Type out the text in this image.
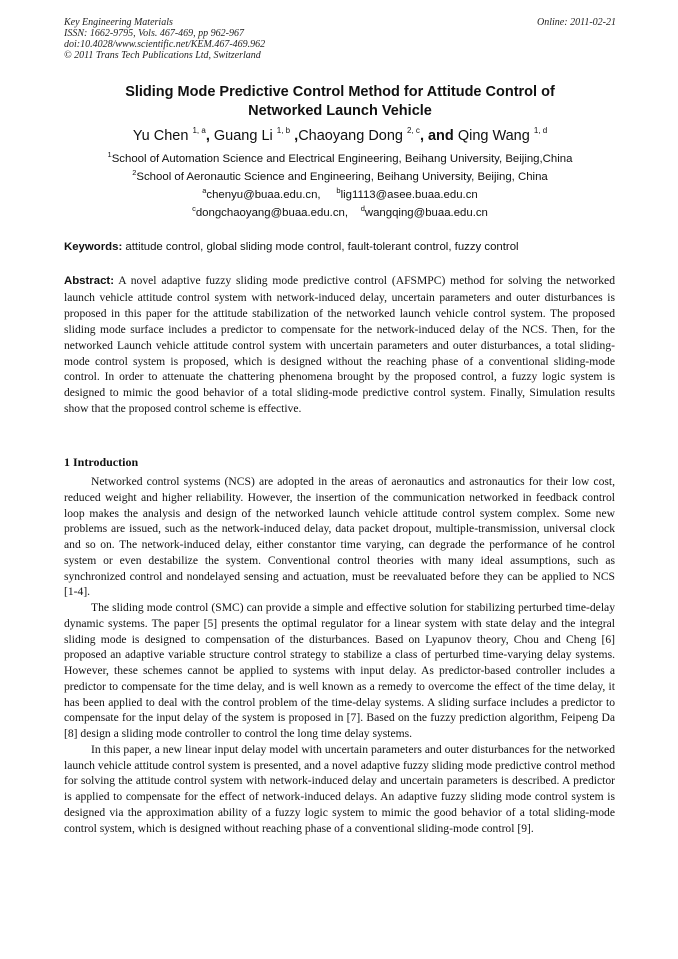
Key Engineering Materials
ISSN: 1662-9795, Vols. 467-469, pp 962-967
doi:10.4028/www.scientific.net/KEM.467-469.962
© 2011 Trans Tech Publications Ltd, Switzerland
Online: 2011-02-21
Sliding Mode Predictive Control Method for Attitude Control of
Networked Launch Vehicle
Yu Chen $^{1, a}$, Guang Li $^{1, b}$ ,Chaoyang Dong $^{2, c}$, and Qing Wang $^{1, d}$
$^1$School of Automation Science and Electrical Engineering, Beihang University, Beijing,China
$^2$School of Aeronautic Science and Engineering, Beihang University, Beijing, China
$^a$chenyu@buaa.edu.cn, $^b$lig1113@asee.buaa.edu.cn
$^c$dongchaoyang@buaa.edu.cn, $^d$wangqing@buaa.edu.cn
Keywords: attitude control, global sliding mode control, fault-tolerant control, fuzzy control
Abstract: A novel adaptive fuzzy sliding mode predictive control (AFSMPC) method for solving the networked launch vehicle attitude control system with network-induced delay, uncertain parameters and outer disturbances is proposed in this paper for the attitude stabilization of the networked launch vehicle control system. The proposed sliding mode surface includes a predictor to compensate for the network-induced delay of the NCS. Then, for the networked Launch vehicle attitude control system with uncertain parameters and outer disturbances, a total sliding-mode control system is proposed, which is designed without the reaching phase of a conventional sliding-mode control. In order to attenuate the chattering phenomena brought by the proposed control, a fuzzy logic system is designed to mimic the good behavior of a total sliding-mode predictive control system. Finally, Simulation results show that the proposed control scheme is effective.
1 Introduction

Networked control systems (NCS) are adopted in the areas of aeronautics and astronautics for their low cost, reduced weight and higher reliability. However, the insertion of the communication networked in feedback control loop makes the analysis and design of the networked launch vehicle attitude control system complex. Some new problems are issued, such as the network-induced delay, data packet dropout, multiple-transmission, universal clock and so on. The network-induced delay, either constantor time varying, can degrade the performance of he control system or even destabilize the system. Conventional control theories with many ideal assumptions, such as synchronized control and nondelayed sensing and actuation, must be reevaluated before they can be applied to NCS [1-4].

The sliding mode control (SMC) can provide a simple and effective solution for stabilizing perturbed time-delay dynamic systems. The paper [5] presents the optimal regulator for a linear system with state delay and the integral sliding mode is designed to compensation of the disturbances. Based on Lyapunov theory, Chou and Cheng [6] proposed an adaptive variable structure control strategy to stabilize a class of perturbed time-varying delay systems. However, these schemes cannot be applied to systems with input delay. As predictor-based controller includes a predictor to compensate for the time delay, and is well known as a remedy to overcome the effect of the time delay, it has been applied to deal with the control problem of the time-delay systems. A sliding surface includes a predictor to compensate for the input delay of the system is proposed in [7]. Based on the fuzzy prediction algorithm, Feipeng Da [8] design a sliding mode controller to control the long time delay systems.

In this paper, a new linear input delay model with uncertain parameters and outer disturbances for the networked launch vehicle attitude control system is presented, and a novel adaptive fuzzy sliding mode predictive control method for solving the attitude control system with network-induced delay and uncertain parameters is described. A predictor is applied to compensate for the effect of network-induced delays. An adaptive fuzzy sliding mode control system is designed via the approximation ability of a fuzzy logic system to mimic the good behavior of a total sliding-mode control system, which is designed without reaching phase of a conventional sliding-mode control [9].
